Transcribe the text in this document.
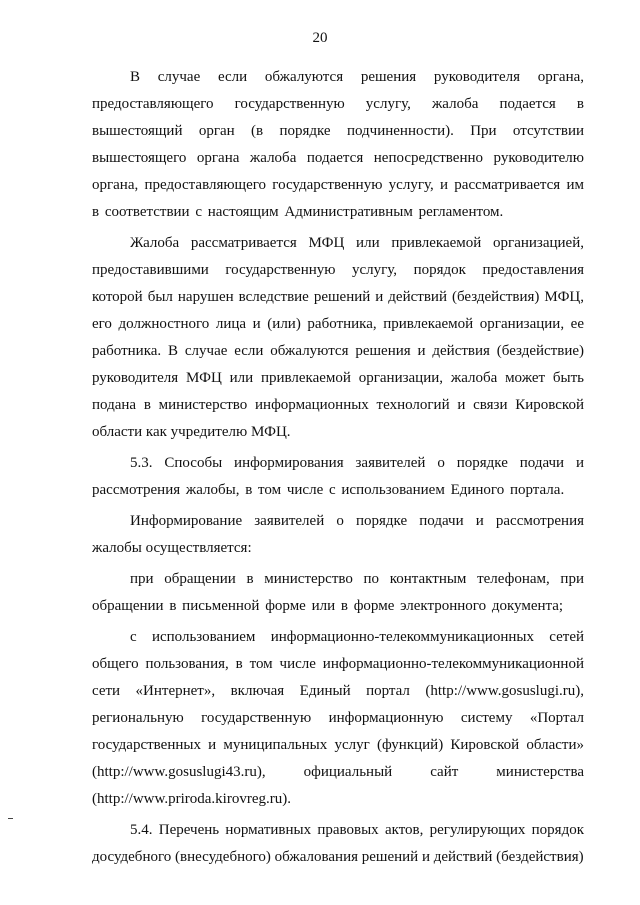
20

В случае если обжалуются решения руководителя органа, предоставляющего государственную услугу, жалоба подается в вышестоящий орган (в порядке подчиненности). При отсутствии вышестоящего органа жалоба подается непосредственно руководителю органа, предоставляющего государственную услугу, и рассматривается им в соответствии с настоящим Административным регламентом.

Жалоба рассматривается МФЦ или привлекаемой организацией, предоставившими государственную услугу, порядок предоставления которой был нарушен вследствие решений и действий (бездействия) МФЦ, его должностного лица и (или) работника, привлекаемой организации, ее работника. В случае если обжалуются решения и действия (бездействие) руководителя МФЦ или привлекаемой организации, жалоба может быть подана в министерство информационных технологий и связи Кировской области как учредителю МФЦ.

5.3. Способы информирования заявителей о порядке подачи и рассмотрения жалобы, в том числе с использованием Единого портала.

Информирование заявителей о порядке подачи и рассмотрения жалобы осуществляется:

при обращении в министерство по контактным телефонам, при обращении в письменной форме или в форме электронного документа;

с использованием информационно-телекоммуникационных сетей общего пользования, в том числе информационно-телекоммуникационной сети «Интернет», включая Единый портал (http://www.gosuslugi.ru), региональную государственную информационную систему «Портал государственных и муниципальных услуг (функций) Кировской области» (http://www.gosuslugi43.ru), официальный сайт министерства (http://www.priroda.kirovreg.ru).

5.4. Перечень нормативных правовых актов, регулирующих порядок досудебного (внесудебного) обжалования решений и действий (бездействия)
